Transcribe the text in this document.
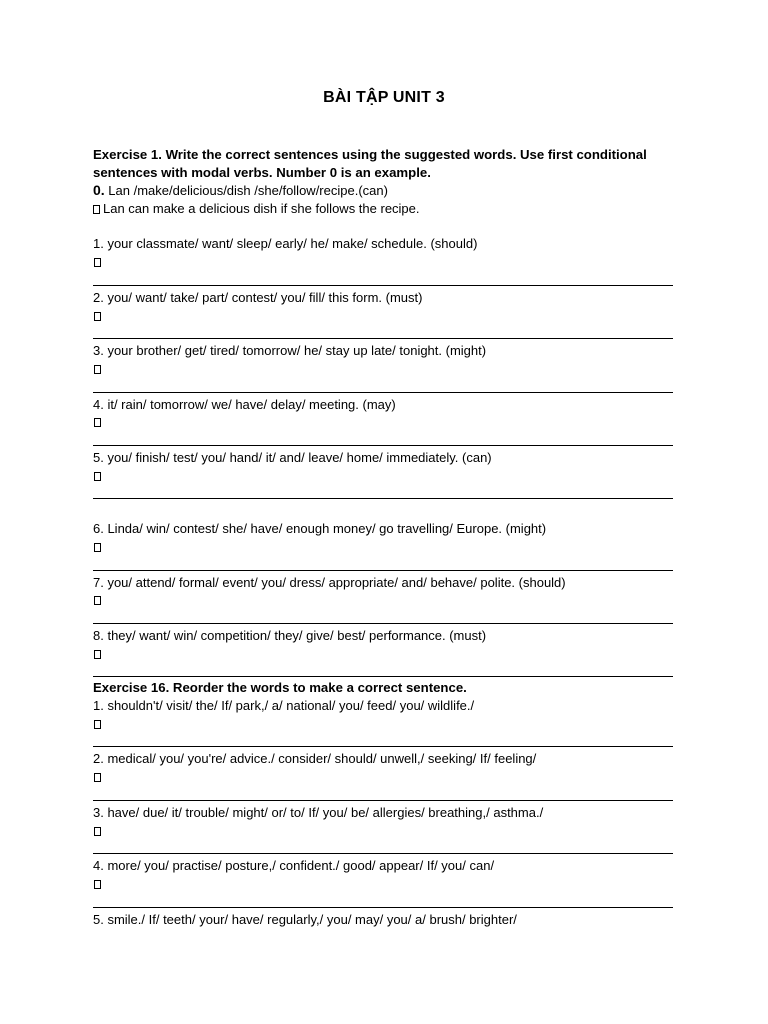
BÀI TẬP UNIT 3
Exercise 1. Write the correct sentences using the suggested words. Use first conditional
sentences with modal verbs. Number 0 is an example.
0. Lan /make/delicious/dish /she/follow/recipe.(can)
Lan can make a delicious dish if she follows the recipe.
1. your classmate/ want/ sleep/ early/ he/ make/ schedule. (should)
2. you/ want/ take/ part/ contest/ you/ fill/ this form. (must)
3. your brother/ get/ tired/ tomorrow/ he/ stay up late/ tonight. (might)
4. it/ rain/ tomorrow/ we/ have/ delay/ meeting. (may)
5. you/ finish/ test/ you/ hand/ it/ and/ leave/ home/ immediately. (can)
6. Linda/ win/ contest/ she/ have/ enough money/ go travelling/ Europe. (might)
7. you/ attend/ formal/ event/ you/ dress/ appropriate/ and/ behave/ polite. (should)
8. they/ want/ win/ competition/ they/ give/ best/ performance. (must)
Exercise 16. Reorder the words to make a correct sentence.
1. shouldn't/ visit/ the/ If/ park,/ a/ national/ you/ feed/ you/ wildlife./
2. medical/ you/ you're/ advice./ consider/ should/ unwell,/ seeking/ If/ feeling/
3. have/ due/ it/ trouble/ might/ or/ to/ If/ you/ be/ allergies/ breathing,/ asthma./
4. more/ you/ practise/ posture,/ confident./ good/ appear/ If/ you/ can/
5. smile./ If/ teeth/ your/ have/ regularly,/ you/ may/ you/ a/ brush/ brighter/
